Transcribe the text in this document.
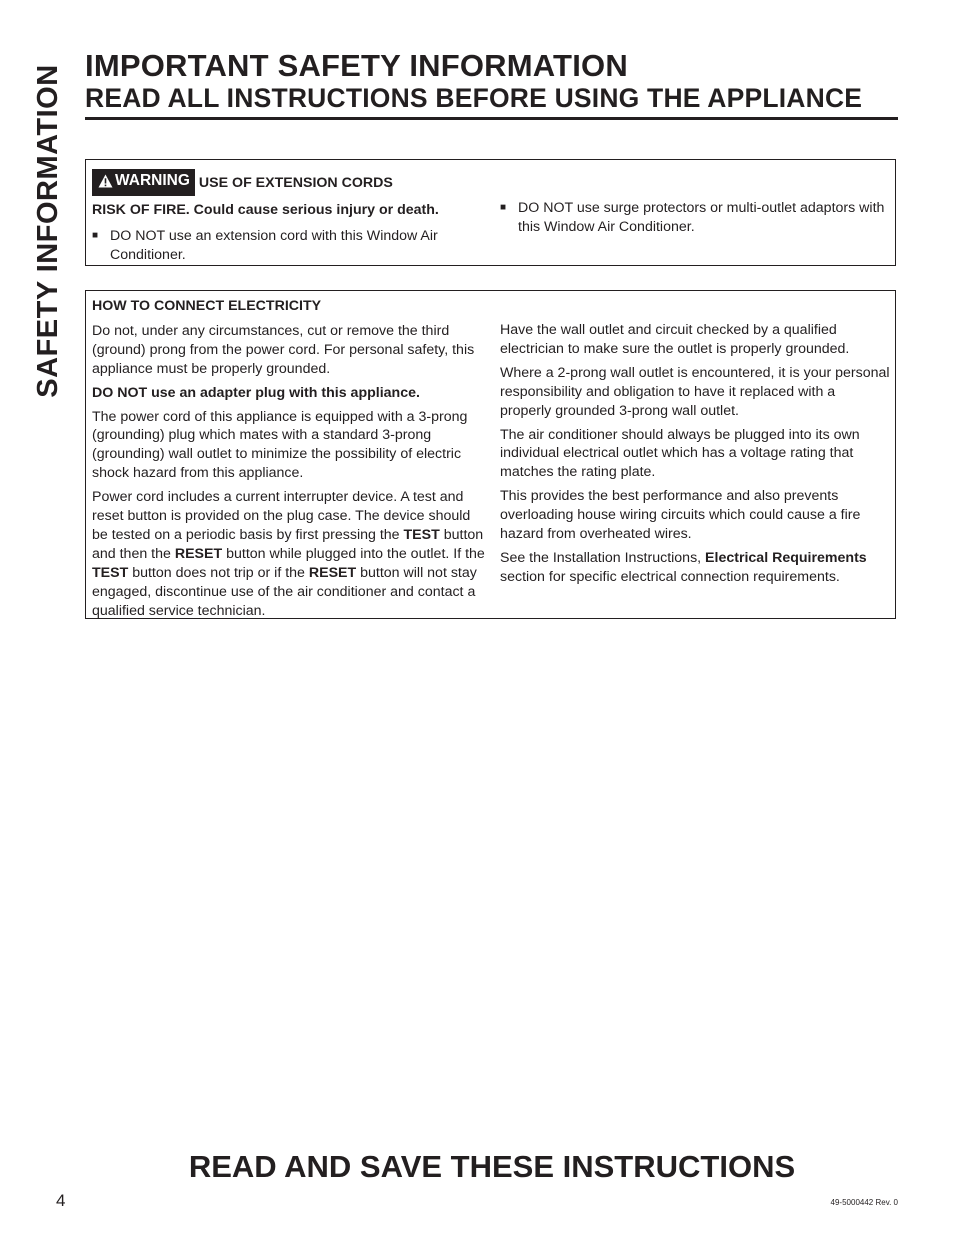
SAFETY INFORMATION IMPORTANT SAFETY INFORMATION
READ ALL INSTRUCTIONS BEFORE USING THE APPLIANCE
WARNING USE OF EXTENSION CORDS
RISK OF FIRE. Could cause serious injury or death.
■ DO NOT use an extension cord with this Window Air Conditioner.
■ DO NOT use surge protectors or multi-outlet adaptors with this Window Air Conditioner.
HOW TO CONNECT ELECTRICITY

Do not, under any circumstances, cut or remove the third (ground) prong from the power cord. For personal safety, this appliance must be properly grounded.

DO NOT use an adapter plug with this appliance.

The power cord of this appliance is equipped with a 3-prong (grounding) plug which mates with a standard 3-prong (grounding) wall outlet to minimize the possibility of electric shock hazard from this appliance.

Power cord includes a current interrupter device. A test and reset button is provided on the plug case. The device should be tested on a periodic basis by first pressing the TEST button and then the RESET button while plugged into the outlet. If the TEST button does not trip or if the RESET button will not stay engaged, discontinue use of the air conditioner and contact a qualified service technician.

Have the wall outlet and circuit checked by a qualified electrician to make sure the outlet is properly grounded.

Where a 2-prong wall outlet is encountered, it is your personal responsibility and obligation to have it replaced with a properly grounded 3-prong wall outlet.

The air conditioner should always be plugged into its own individual electrical outlet which has a voltage rating that matches the rating plate.

This provides the best performance and also prevents overloading house wiring circuits which could cause a fire hazard from overheated wires.

See the Installation Instructions, Electrical Requirements section for specific electrical connection requirements.

READ AND SAVE THESE INSTRUCTIONS
4	49-5000442 Rev. 0
